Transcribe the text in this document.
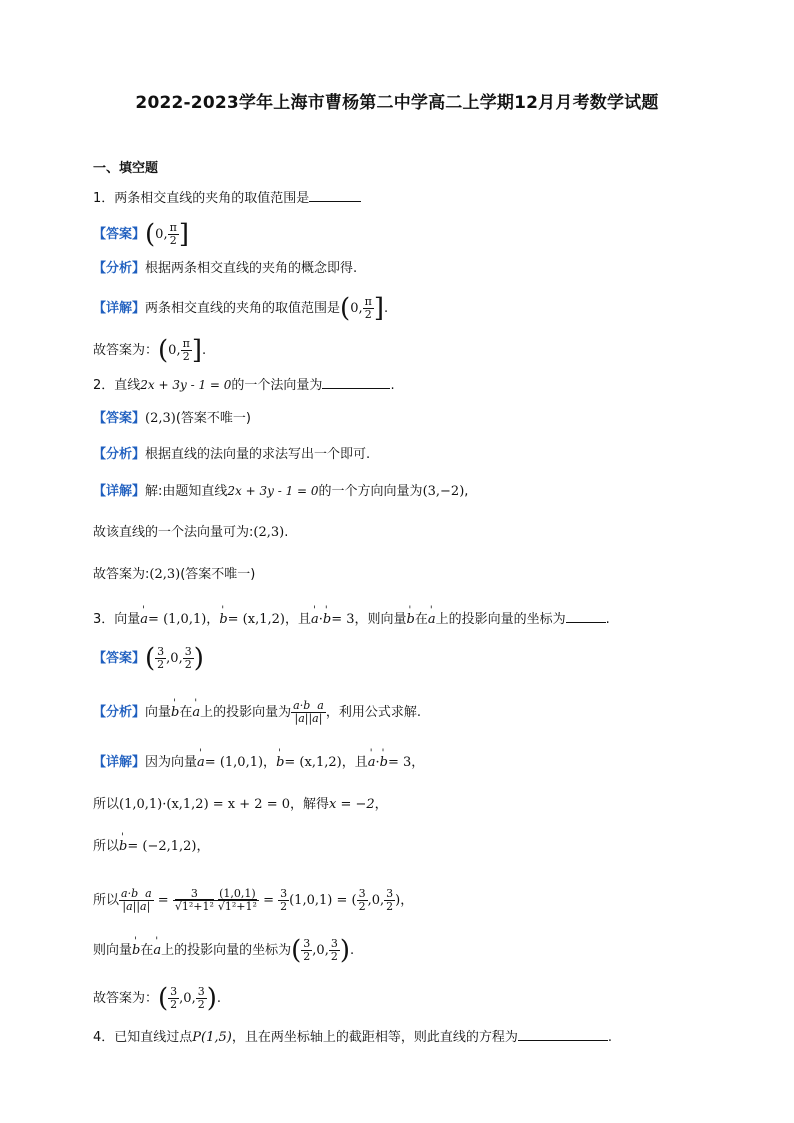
2022-2023学年上海市曹杨第二中学高二上学期12月月考数学试题
一、填空题
1．两条相交直线的夹角的取值范围是
【答案】(0, $\frac{\pi}{2}$ ]
【分析】根据两条相交直线的夹角的概念即得.
【详解】两条相交直线的夹角的取值范围是(0, $\frac{\pi}{2}$ ].
故答案为：(0, $\frac{\pi}{2}$ ].
2．直线2x + 3y - 1 = 0的一个法向量为	.
【答案】(2,3)(答案不唯一)
【分析】根据直线的法向量的求法写出一个即可.
【详解】解:由题知直线2x + 3y - 1 = 0的一个方向向量为(3,−2),
故该直线的一个法向量可为:(2,3).
故答案为:(2,3)(答案不唯一)
3．向量' a= (1,0,1)，' b= (x,1,2)，且' a·' b= 3，则向量' b在' a上的投影向量的坐标为	.
【答案】( $\frac{3}{2} ,0$, $\frac{3}{2}$ )
【分析】向量' b在' a上的投影向量为 $\frac{\text{a·b  a}}{|a||a|}$ ，利用公式求解.
【详解】因为向量' a= (1,0,1)，' b= (x,1,2)，且' a·' b= 3，
所以(1,0,1)·(x,1,2) = x + 2 = 0，解得x = −2，
所以' b= (−2,1,2)，
所以 $\frac{\text{a·b  a}}{|a||a|} = \frac{3}{\text{√1²+1²}} \frac{(1,0,1)}{\text{√1²+1²}} = \frac{3}{2} (1,0,1)$ = ( $\frac{3}{2} ,0$, $\frac{3}{2}$ )，
则向量' b在' a上的投影向量的坐标为( $\frac{3}{2} ,0$, $\frac{3}{2}$ ).
故答案为：( $\frac{3}{2} ,0$, $\frac{3}{2}$ ).
4．已知直线过点P(1,5)，且在两坐标轴上的截距相等，则此直线的方程为	.
